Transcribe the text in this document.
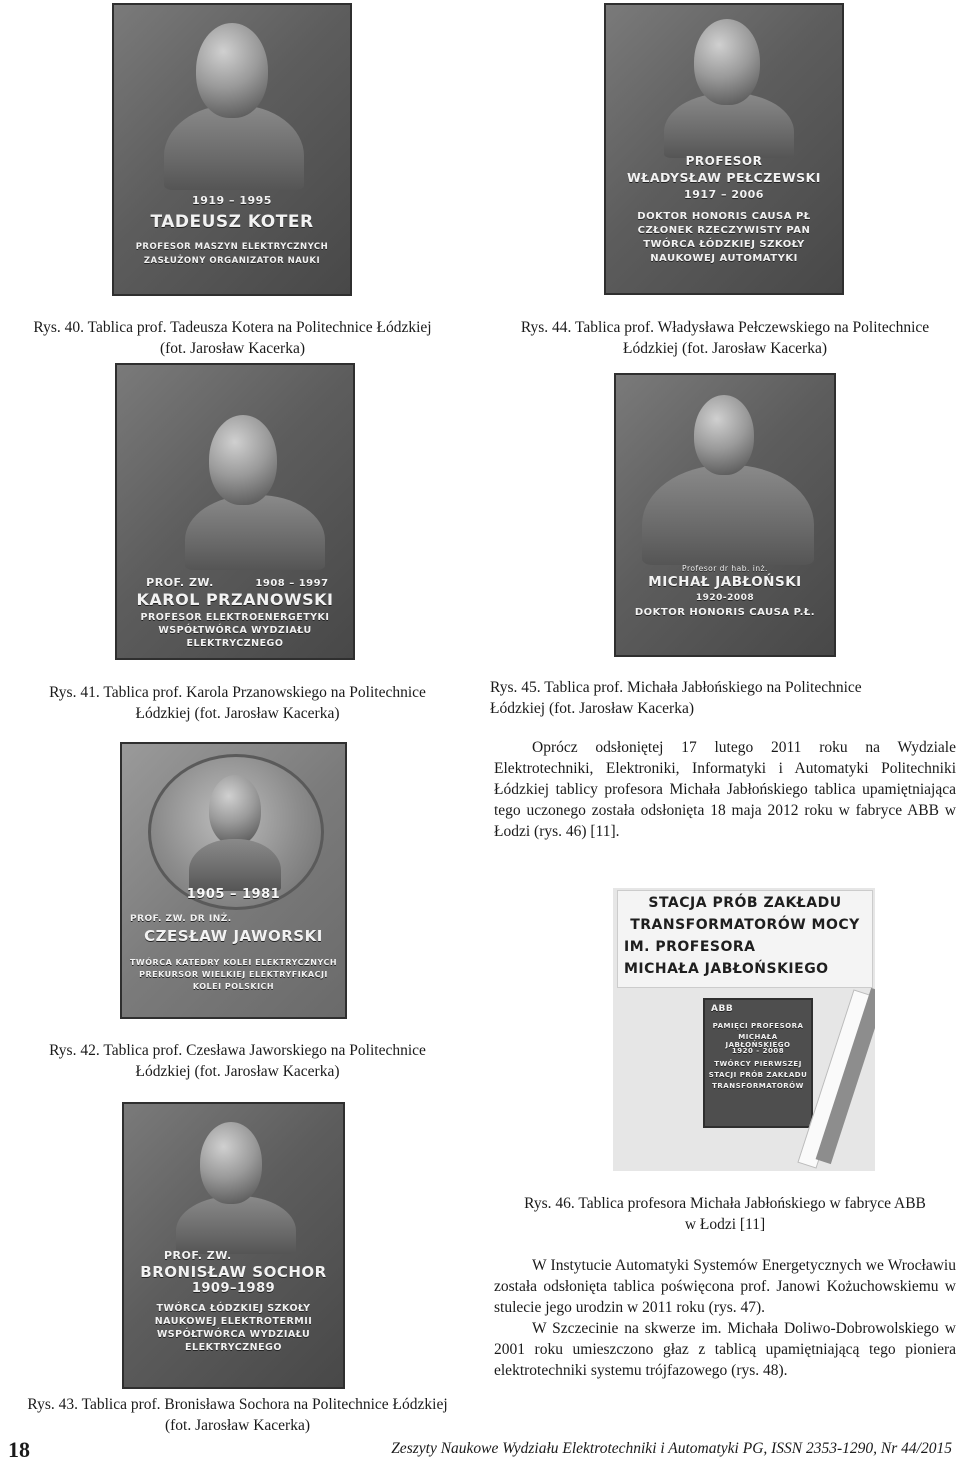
1919 – 1995
TADEUSZ KOTER
PROFESOR MASZYN ELEKTRYCZNYCH
ZASŁUŻONY ORGANIZATOR NAUKI
PROFESOR
WŁADYSŁAW PEŁCZEWSKI
1917 – 2006
DOKTOR HONORIS CAUSA PŁ
CZŁONEK RZECZYWISTY PAN
TWÓRCA ŁÓDZKIEJ SZKOŁY
NAUKOWEJ AUTOMATYKI
Rys. 40. Tablica prof. Tadeusza Kotera na Politechnice Łódzkiej
(fot. Jarosław Kacerka)
Rys. 44. Tablica prof. Władysława Pełczewskiego na Politechnice
Łódzkiej (fot. Jarosław Kacerka)
1908 – 1997
PROF. ZW.
KAROL PRZANOWSKI
PROFESOR ELEKTROENERGETYKI
WSPÓŁTWÓRCA WYDZIAŁU
ELEKTRYCZNEGO
Profesor dr hab. inż.
MICHAŁ JABŁOŃSKI
1920-2008
DOKTOR HONORIS CAUSA P.Ł.
Rys. 41. Tablica prof. Karola Przanowskiego na Politechnice
Łódzkiej (fot. Jarosław Kacerka)
Rys. 45. Tablica prof. Michała Jabłońskiego na Politechnice
Łódzkiej (fot. Jarosław Kacerka)

Oprócz odsłoniętej 17 lutego 2011 roku na Wydziale Elektrotechniki, Elektroniki, Informatyki i Automatyki Politechniki Łódzkiej tablicy profesora Michała Jabłońskiego tablica upamiętniająca tego uczonego została odsłonięta 18 maja 2012 roku w fabryce ABB w Łodzi (rys. 46) [11].

1905 – 1981
PROF. ZW. DR INŻ.
CZESŁAW JAWORSKI
TWÓRCA KATEDRY KOLEI ELEKTRYCZNYCH
PREKURSOR WIELKIEJ ELEKTRYFIKACJI
KOLEI POLSKICH
STACJA PRÓB ZAKŁADU
TRANSFORMATORÓW MOCY
IM. PROFESORA
MICHAŁA JABŁOŃSKIEGO
ABB
PAMIĘCI PROFESORA
MICHAŁA JABŁOŃSKIEGO
1920 - 2008
TWÓRCY PIERWSZEJ
STACJI PRÓB ZAKŁADU
TRANSFORMATORÓW
Rys. 42. Tablica prof. Czesława Jaworskiego na Politechnice
Łódzkiej (fot. Jarosław Kacerka)
PROF. ZW.
BRONISŁAW SOCHOR
1909–1989
TWÓRCA ŁÓDZKIEJ SZKOŁY
NAUKOWEJ ELEKTROTERMII
WSPÓŁTWÓRCA WYDZIAŁU
ELEKTRYCZNEGO
Rys. 46. Tablica profesora Michała Jabłońskiego w fabryce ABB
w Łodzi [11]

W Instytucie Automatyki Systemów Energetycznych we Wrocławiu została odsłonięta tablica poświęcona prof. Janowi Kożuchowskiemu w stulecie jego urodzin w 2011 roku (rys. 47).

W Szczecinie na skwerze im. Michała Doliwo-Dobrowolskiego w 2001 roku umieszczono głaz z tablicą upamiętniającą tego pioniera elektrotechniki systemu trójfazowego (rys. 48).

Rys. 43. Tablica prof. Bronisława Sochora na Politechnice Łódzkiej
(fot. Jarosław Kacerka)
18	Zeszyty Naukowe Wydziału Elektrotechniki i Automatyki PG, ISSN 2353-1290, Nr 44/2015
